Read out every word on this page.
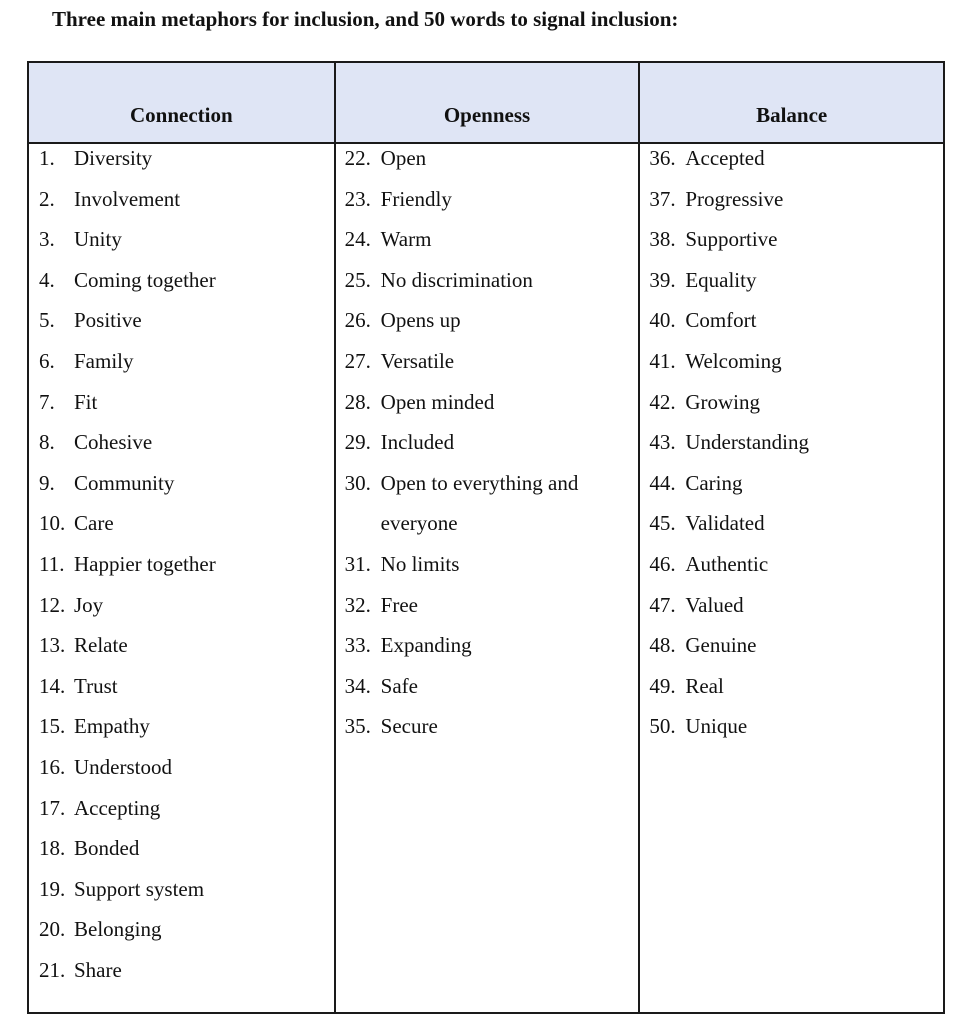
Three main metaphors for inclusion, and 50 words to signal inclusion:
Connection
1. Diversity
2. Involvement
3. Unity
4. Coming together
5. Positive
6. Family
7. Fit
8. Cohesive
9. Community
10. Care
11. Happier together
12. Joy
13. Relate
14. Trust
15. Empathy
16. Understood
17. Accepting
18. Bonded
19. Support system
20. Belonging
21. Share
Openness
22. Open
23. Friendly
24. Warm
25. No discrimination
26. Opens up
27. Versatile
28. Open minded
29. Included
30. Open to everything and
everyone
31. No limits
32. Free
33. Expanding
34. Safe
35. Secure
Balance
36. Accepted
37. Progressive
38. Supportive
39. Equality
40. Comfort
41. Welcoming
42. Growing
43. Understanding
44. Caring
45. Validated
46. Authentic
47. Valued
48. Genuine
49. Real
50. Unique
